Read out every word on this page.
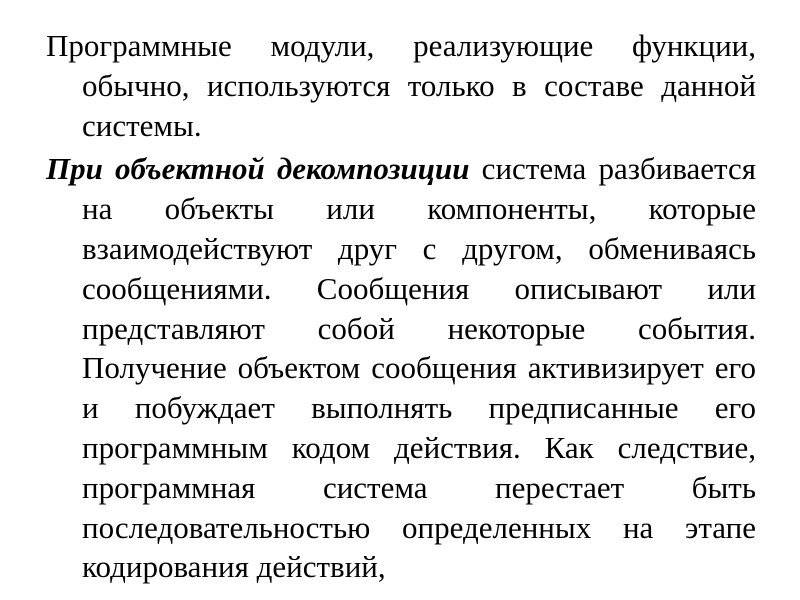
Программные модули, реализующие функции, обычно, используются только в составе данной системы.

При объектной декомпозиции система разбивается на объекты или компоненты, которые взаимодействуют друг с другом, обмениваясь сообщениями. Сообщения описывают или представляют собой некоторые события. Получение объектом сообщения активизирует его и побуждает выполнять предписанные его программным кодом действия. Как следствие, программная система перестает быть последовательностью определенных на этапе кодирования действий,
